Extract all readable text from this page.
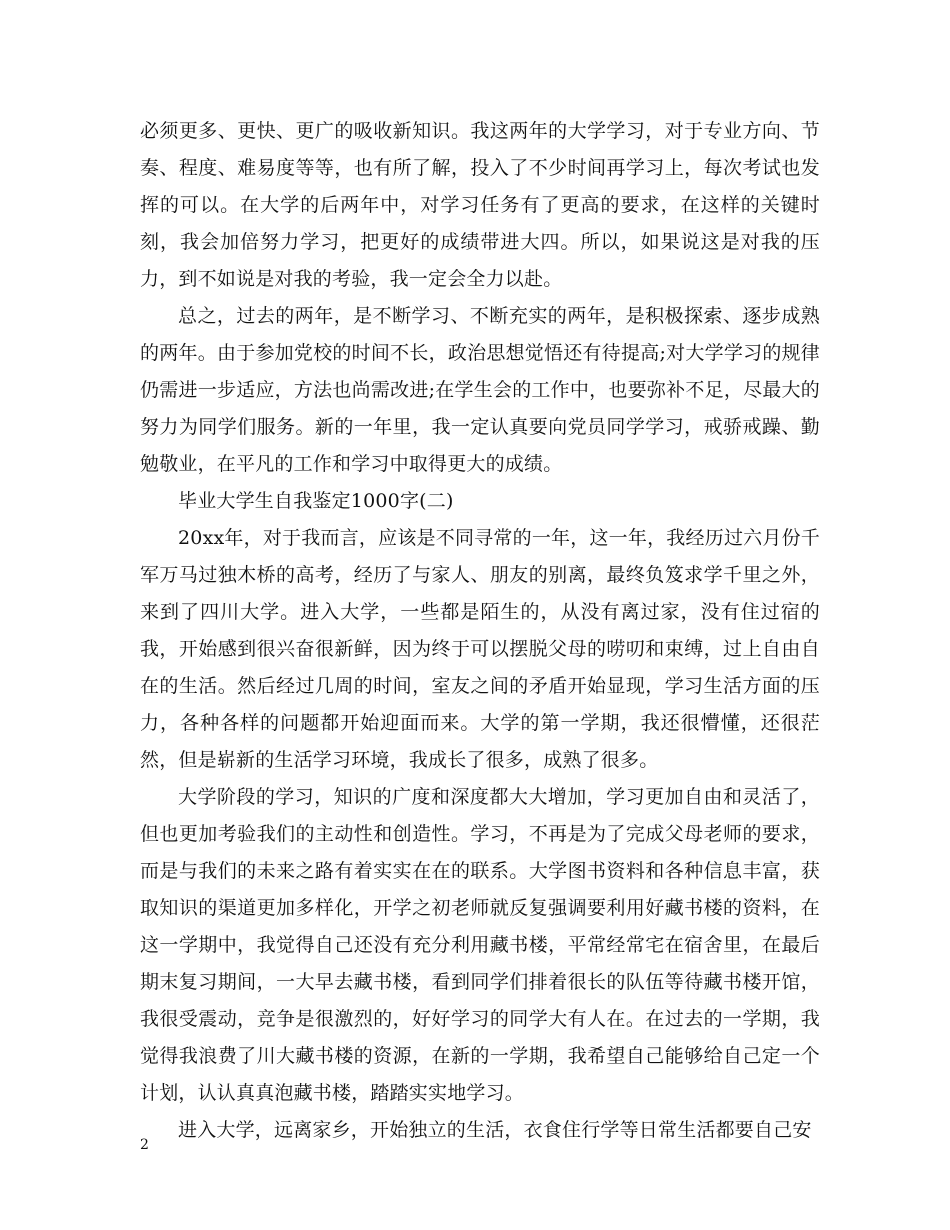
必须更多、更快、更广的吸收新知识。我这两年的大学学习，对于专业方向、节奏、程度、难易度等等，也有所了解，投入了不少时间再学习上，每次考试也发挥的可以。在大学的后两年中，对学习任务有了更高的要求，在这样的关键时刻，我会加倍努力学习，把更好的成绩带进大四。所以，如果说这是对我的压力，到不如说是对我的考验，我一定会全力以赴。

总之，过去的两年，是不断学习、不断充实的两年，是积极探索、逐步成熟的两年。由于参加党校的时间不长，政治思想觉悟还有待提高;对大学学习的规律仍需进一步适应，方法也尚需改进;在学生会的工作中，也要弥补不足，尽最大的努力为同学们服务。新的一年里，我一定认真要向党员同学学习，戒骄戒躁、勤勉敬业，在平凡的工作和学习中取得更大的成绩。

毕业大学生自我鉴定1000字(二)

20xx年，对于我而言，应该是不同寻常的一年，这一年，我经历过六月份千军万马过独木桥的高考，经历了与家人、朋友的别离，最终负笈求学千里之外，来到了四川大学。进入大学，一些都是陌生的，从没有离过家，没有住过宿的我，开始感到很兴奋很新鲜，因为终于可以摆脱父母的唠叨和束缚，过上自由自在的生活。然后经过几周的时间，室友之间的矛盾开始显现，学习生活方面的压力，各种各样的问题都开始迎面而来。大学的第一学期，我还很懵懂，还很茫然，但是崭新的生活学习环境，我成长了很多，成熟了很多。

大学阶段的学习，知识的广度和深度都大大增加，学习更加自由和灵活了，但也更加考验我们的主动性和创造性。学习，不再是为了完成父母老师的要求，而是与我们的未来之路有着实实在在的联系。大学图书资料和各种信息丰富，获取知识的渠道更加多样化，开学之初老师就反复强调要利用好藏书楼的资料，在这一学期中，我觉得自己还没有充分利用藏书楼，平常经常宅在宿舍里，在最后期末复习期间，一大早去藏书楼，看到同学们排着很长的队伍等待藏书楼开馆，我很受震动，竞争是很激烈的，好好学习的同学大有人在。在过去的一学期，我觉得我浪费了川大藏书楼的资源，在新的一学期，我希望自己能够给自己定一个计划，认认真真泡藏书楼，踏踏实实地学习。

进入大学，远离家乡，开始独立的生活，衣食住行学等日常生活都要自己安

2
